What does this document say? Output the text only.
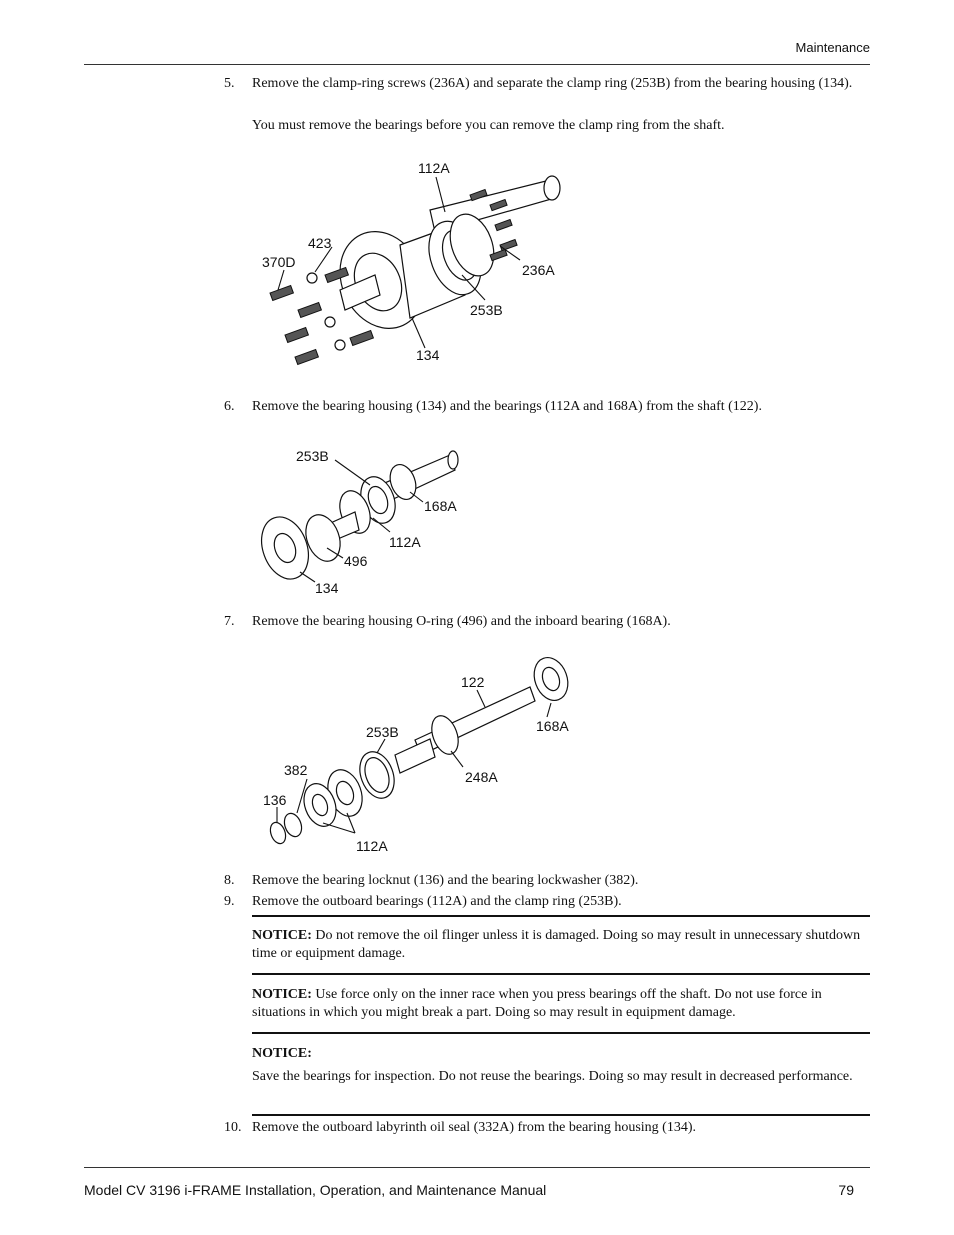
Maintenance
5. Remove the clamp-ring screws (236A) and separate the clamp ring (253B) from the bearing housing (134).
You must remove the bearings before you can remove the clamp ring from the shaft.
112A
423
370D	236A
253B
134
6. Remove the bearing housing (134) and the bearings (112A and 168A) from the shaft (122).
253B
168A
112A
496
134
7. Remove the bearing housing O-ring (496) and the inboard bearing (168A).
122
168A
253B
248A
382
136
112A
8. Remove the bearing locknut (136) and the bearing lockwasher (382).
9. Remove the outboard bearings (112A) and the clamp ring (253B).
NOTICE: Do not remove the oil flinger unless it is damaged. Doing so may result in unnecessary shutdown time or equipment damage.
NOTICE: Use force only on the inner race when you press bearings off the shaft. Do not use force in situations in which you might break a part. Doing so may result in equipment damage.
NOTICE:
Save the bearings for inspection. Do not reuse the bearings. Doing so may result in decreased performance.
10. Remove the outboard labyrinth oil seal (332A) from the bearing housing (134).
Model CV 3196 i-FRAME Installation, Operation, and Maintenance Manual	79
